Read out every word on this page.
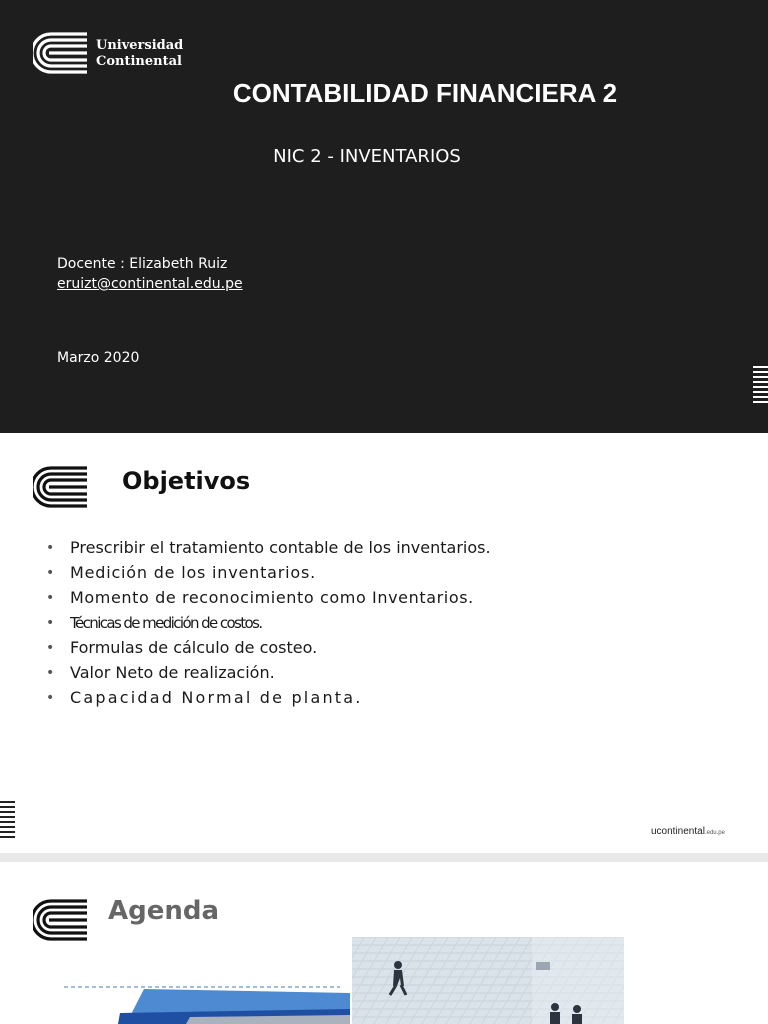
Universidad
Continental
CONTABILIDAD FINANCIERA 2
NIC 2 - INVENTARIOS
Docente : Elizabeth Ruiz
eruizt@continental.edu.pe
Marzo 2020
Objetivos
• Prescribir el tratamiento contable de los inventarios.
• Medición de los inventarios.
• Momento de reconocimiento como Inventarios.
• Técnicas de medición de costos.
• Formulas de cálculo de costeo.
• Valor Neto de realización.
• Capacidad Normal de planta.
ucontinental.edu.pe
Agenda
